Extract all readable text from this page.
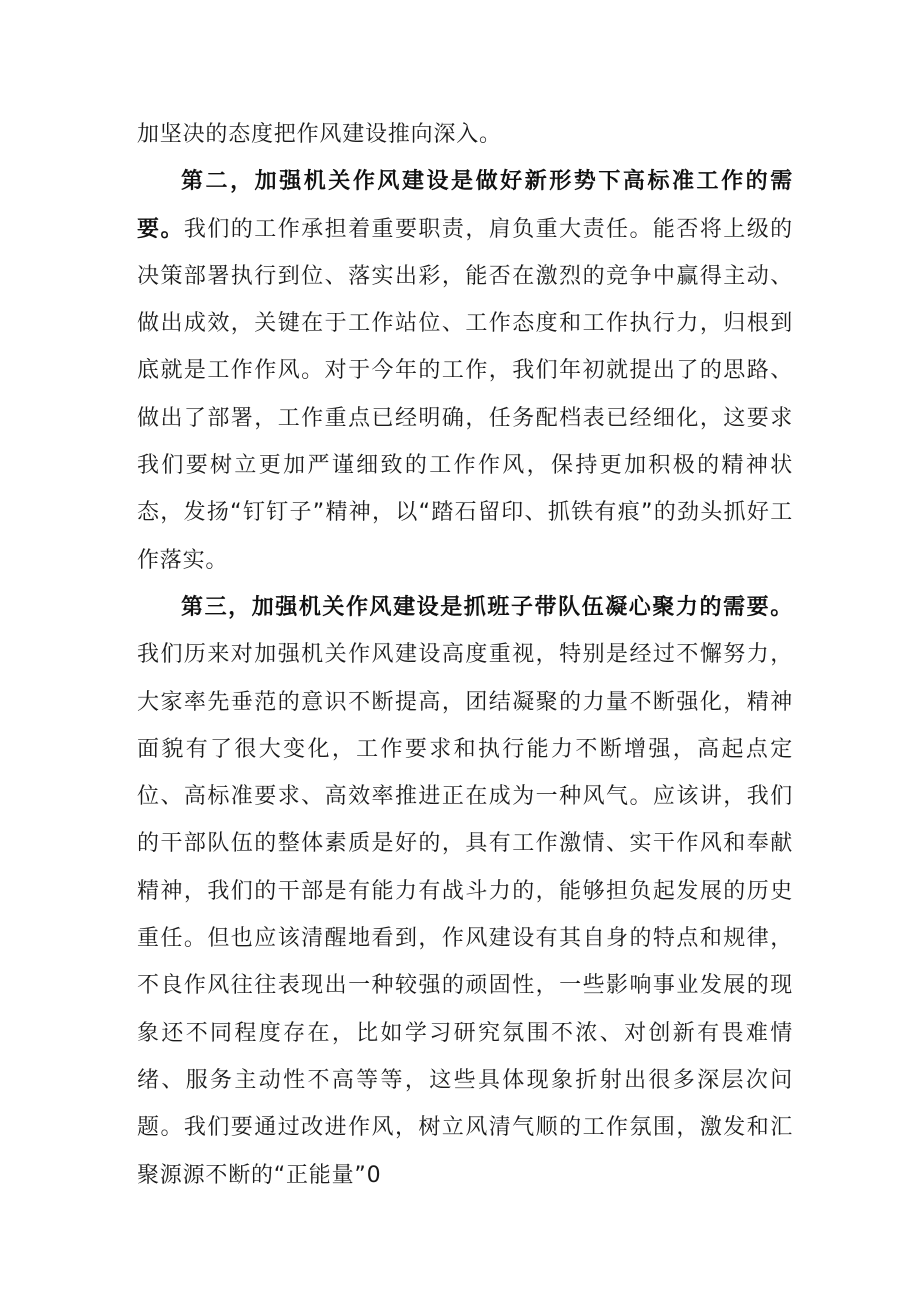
加坚决的态度把作风建设推向深入。

第二，加强机关作风建设是做好新形势下高标准工作的需要。我们的工作承担着重要职责，肩负重大责任。能否将上级的决策部署执行到位、落实出彩，能否在激烈的竞争中赢得主动、做出成效，关键在于工作站位、工作态度和工作执行力，归根到底就是工作作风。对于今年的工作，我们年初就提出了的思路、做出了部署，工作重点已经明确，任务配档表已经细化，这要求我们要树立更加严谨细致的工作作风，保持更加积极的精神状态，发扬“钉钉子”精神，以“踏石留印、抓铁有痕”的劲头抓好工作落实。

第三，加强机关作风建设是抓班子带队伍凝心聚力的需要。我们历来对加强机关作风建设高度重视，特别是经过不懈努力，大家率先垂范的意识不断提高，团结凝聚的力量不断强化，精神面貌有了很大变化，工作要求和执行能力不断增强，高起点定位、高标准要求、高效率推进正在成为一种风气。应该讲，我们的干部队伍的整体素质是好的，具有工作激情、实干作风和奉献精神，我们的干部是有能力有战斗力的，能够担负起发展的历史重任。但也应该清醒地看到，作风建设有其自身的特点和规律，不良作风往往表现出一种较强的顽固性，一些影响事业发展的现象还不同程度存在，比如学习研究氛围不浓、对创新有畏难情绪、服务主动性不高等等，这些具体现象折射出很多深层次问题。我们要通过改进作风，树立风清气顺的工作氛围，激发和汇聚源源不断的“正能量”0
